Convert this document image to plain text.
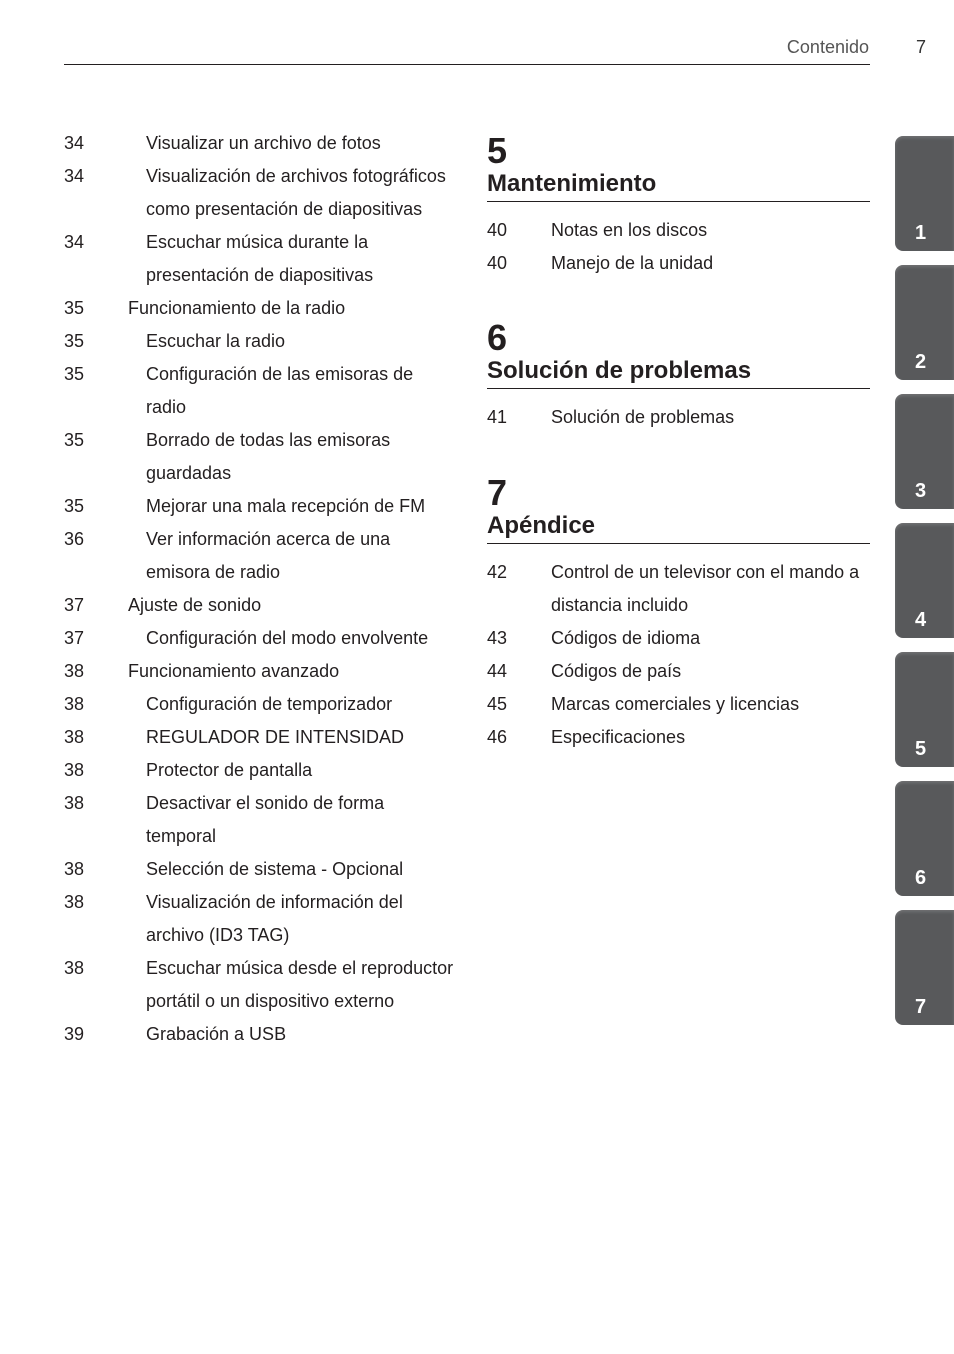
Contenido	7
34	Visualizar un archivo de fotos
34	Visualización de archivos fotográficos como presentación de diapositivas
34	Escuchar música durante la presentación de diapositivas
35	Funcionamiento de la radio
35	Escuchar la radio
35	Configuración de las emisoras de radio
35	Borrado de todas las emisoras guardadas
35	Mejorar una mala recepción de FM
36	Ver información acerca de una emisora de radio
37	Ajuste de sonido
37	Configuración del modo envolvente
38	Funcionamiento avanzado
38	Configuración de temporizador
38	REGULADOR DE INTENSIDAD
38	Protector de pantalla
38	Desactivar el sonido de forma temporal
38	Selección de sistema - Opcional
38	Visualización de información del archivo (ID3 TAG)
38	Escuchar música desde el reproductor portátil o un dispositivo externo
39	Grabación a USB
5
Mantenimiento
40	Notas en los discos
40	Manejo de la unidad
6
Solución de problemas
41	Solución de problemas
7
Apéndice
42	Control de un televisor con el mando a distancia incluido
43	Códigos de idioma
44	Códigos de país
45	Marcas comerciales y licencias
46	Especificaciones
1
2
3
4
5
6
7
